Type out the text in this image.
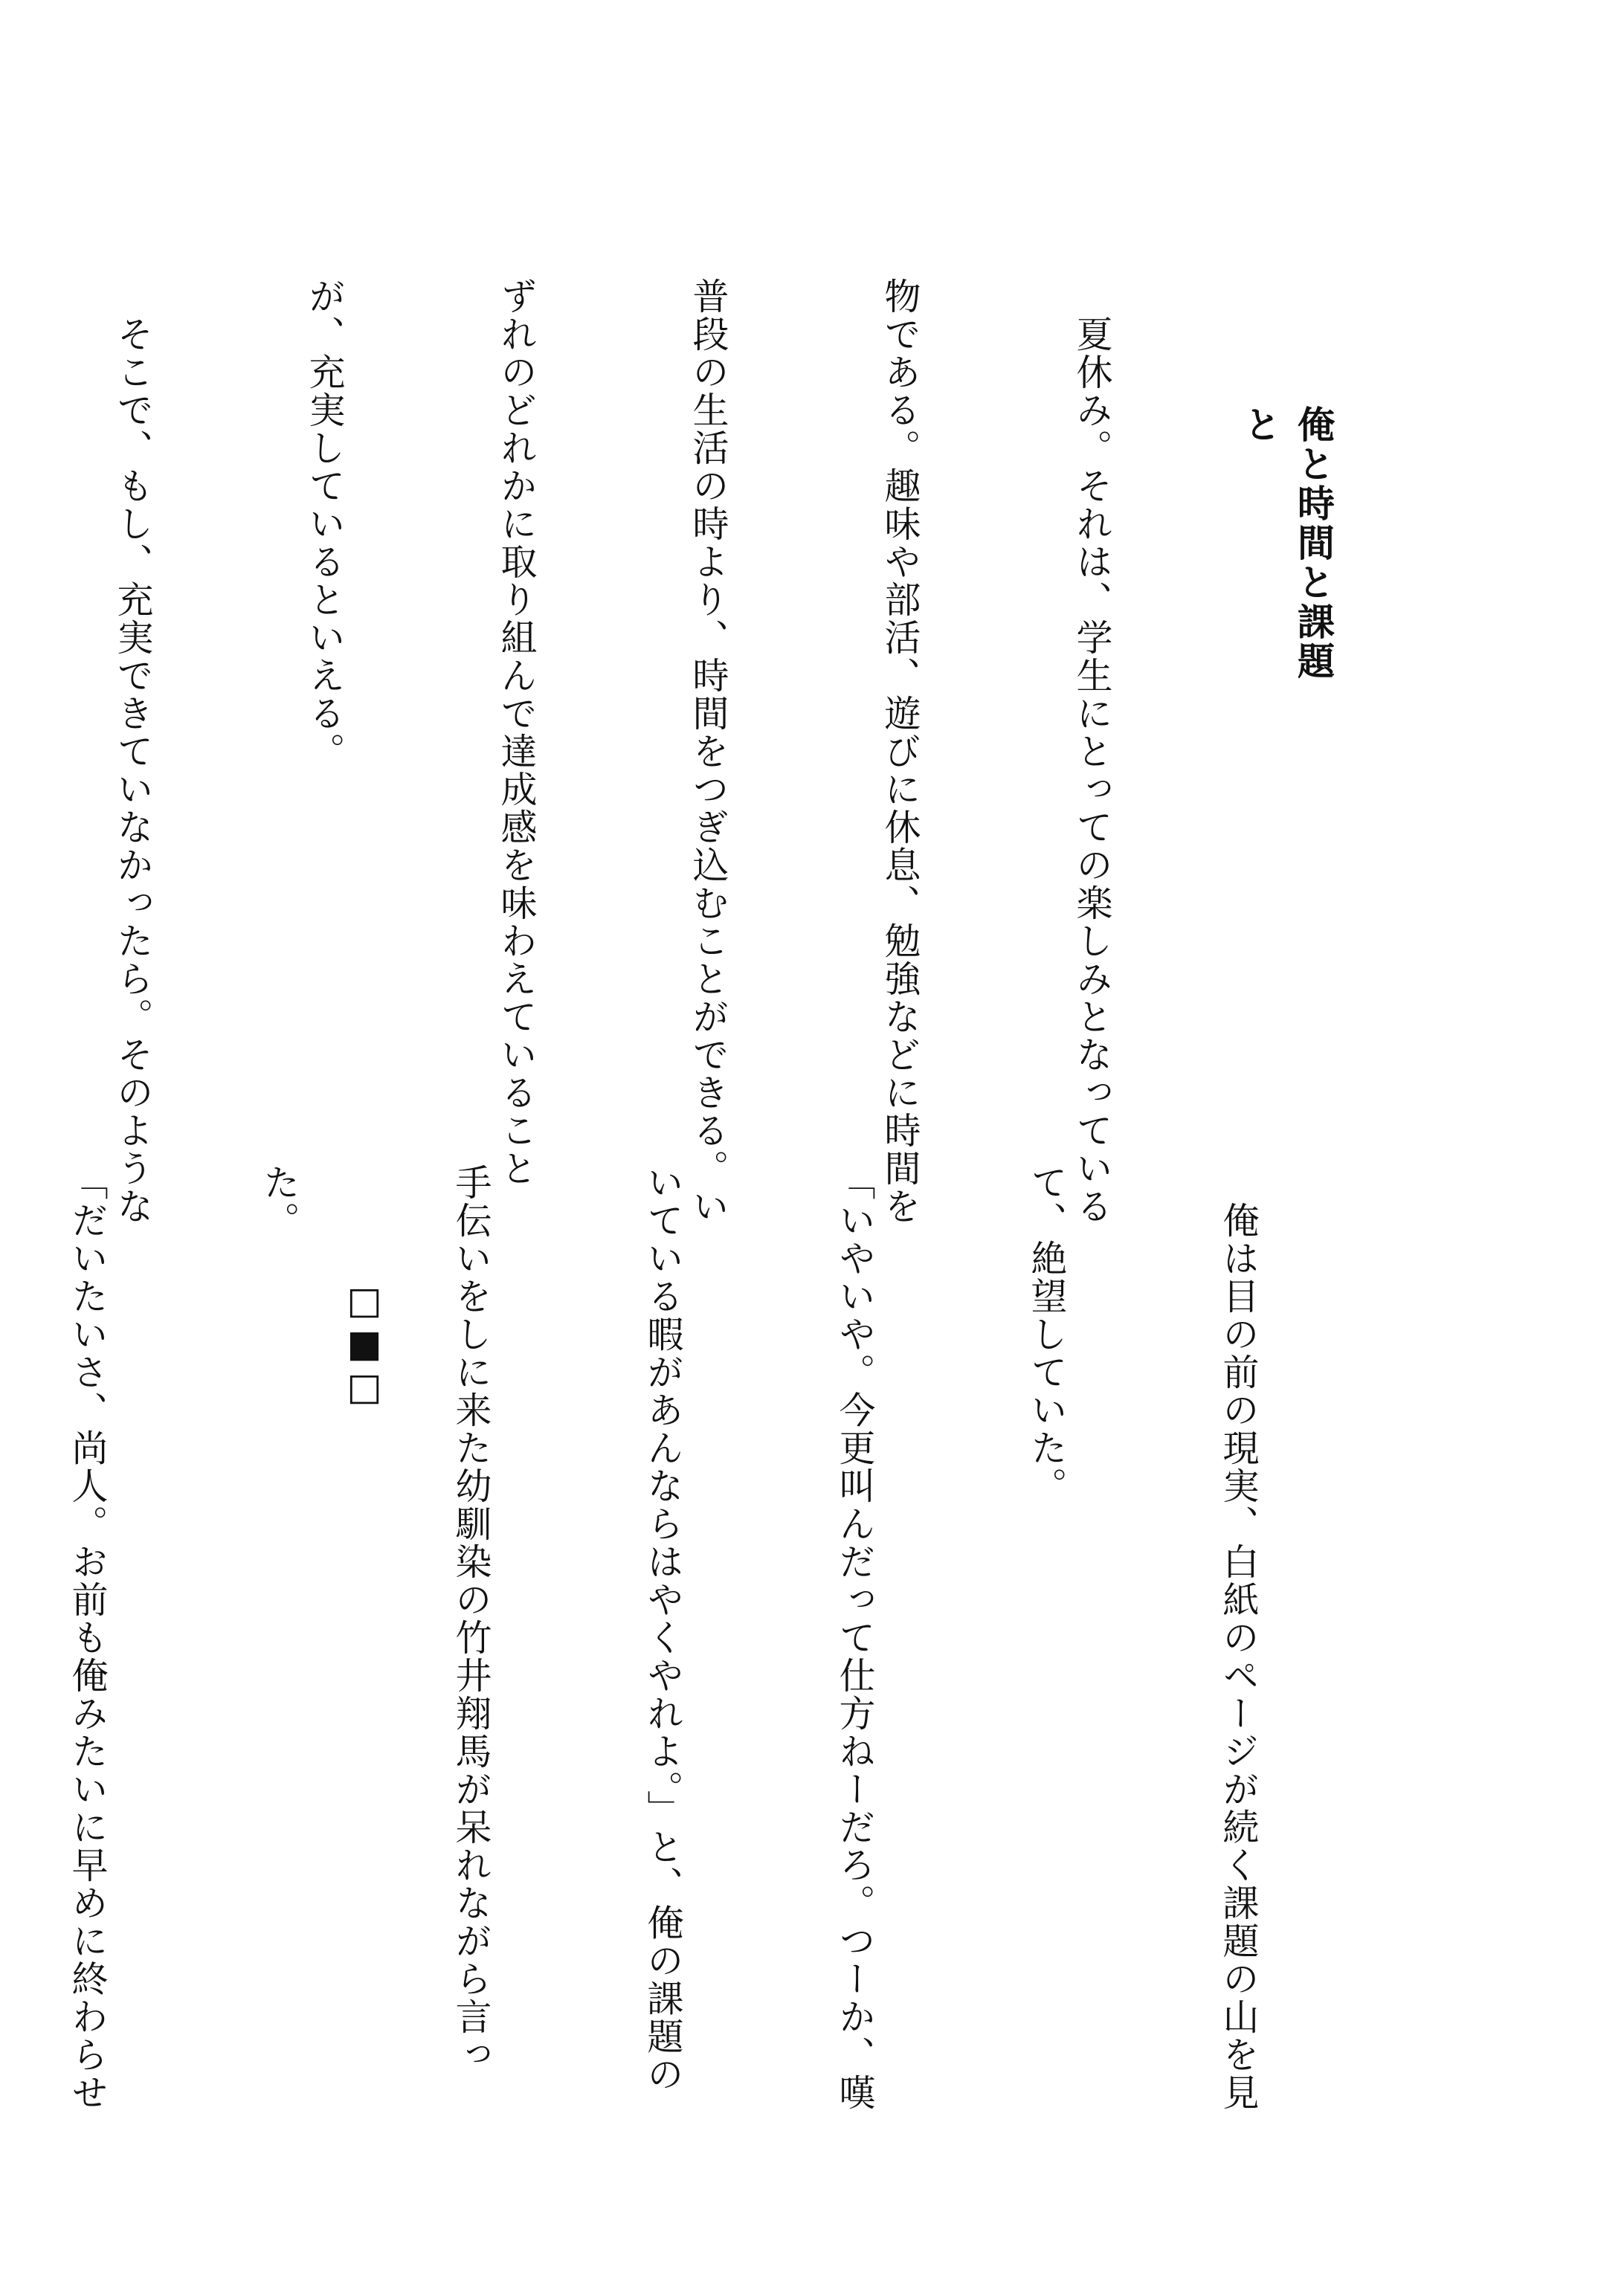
俺と時間と課題と

　夏休み。それは、学生にとっての楽しみとなっている

物である。趣味や部活、遊びに休息、勉強などに時間を

普段の生活の時より、時間をつぎ込むことができる。い

ずれのどれかに取り組んで達成感を味わえていること

が、充実しているといえる。

　そこで、もし、充実できていなかったら。そのような

　俺は目の前の現実、白紙のページが続く課題の山を見

て、絶望していた。

「いやいや。今更叫んだって仕方ねーだろ。つーか、嘆

いている暇があんならはやくやれよ。」と、俺の課題の

手伝いをしに来た幼馴染の竹井翔馬が呆れながら言っ

た。

「だいたいさ、尚人。お前も俺みたいに早めに終わらせ

	□■□
